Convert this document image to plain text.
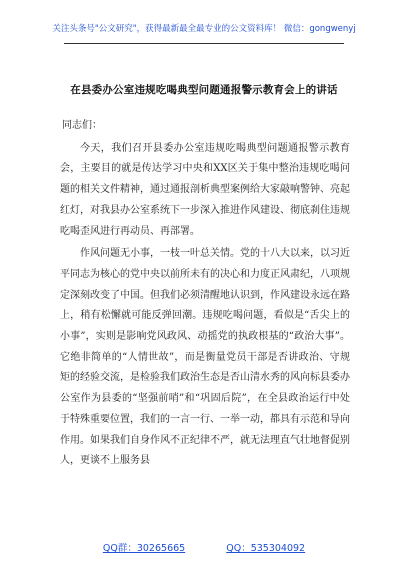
关注头条号"公文研究"，获得最新最全最专业的公文资料库！ 微信：gongwenyj
在县委办公室违规吃喝典型问题通报警示教育会上的讲话

同志们：

今天，我们召开县委办公室违规吃喝典型问题通报警示教育会，主要目的就是传达学习中央和XX区关于集中整治违规吃喝问题的相关文件精神，通过通报剖析典型案例给大家敲响警钟、亮起红灯，对我县办公室系统下一步深入推进作风建设、彻底刹住违规吃喝歪风进行再动员、再部署。

作风问题无小事，一枝一叶总关情。党的十八大以来，以习近平同志为核心的党中央以前所未有的决心和力度正风肃纪，八项规定深刻改变了中国。但我们必须清醒地认识到，作风建设永远在路上，稍有松懈就可能反弹回潮。违规吃喝问题，看似是“舌尖上的小事”，实则是影响党风政风、动摇党的执政根基的“政治大事”。它绝非简单的“人情世故”，而是衡量党员干部是否讲政治、守规矩的经验交流，是检验我们政治生态是否山清水秀的风向标县委办公室作为县委的“坚强前哨”和“巩固后院”，在全县政治运行中处于特殊重要位置，我们的一言一行、一举一动，都具有示范和导向作用。如果我们自身作风不正纪律不严，就无法理直气壮地督促别人，更谈不上服务县

QQ群：30265665	QQ：535304092
